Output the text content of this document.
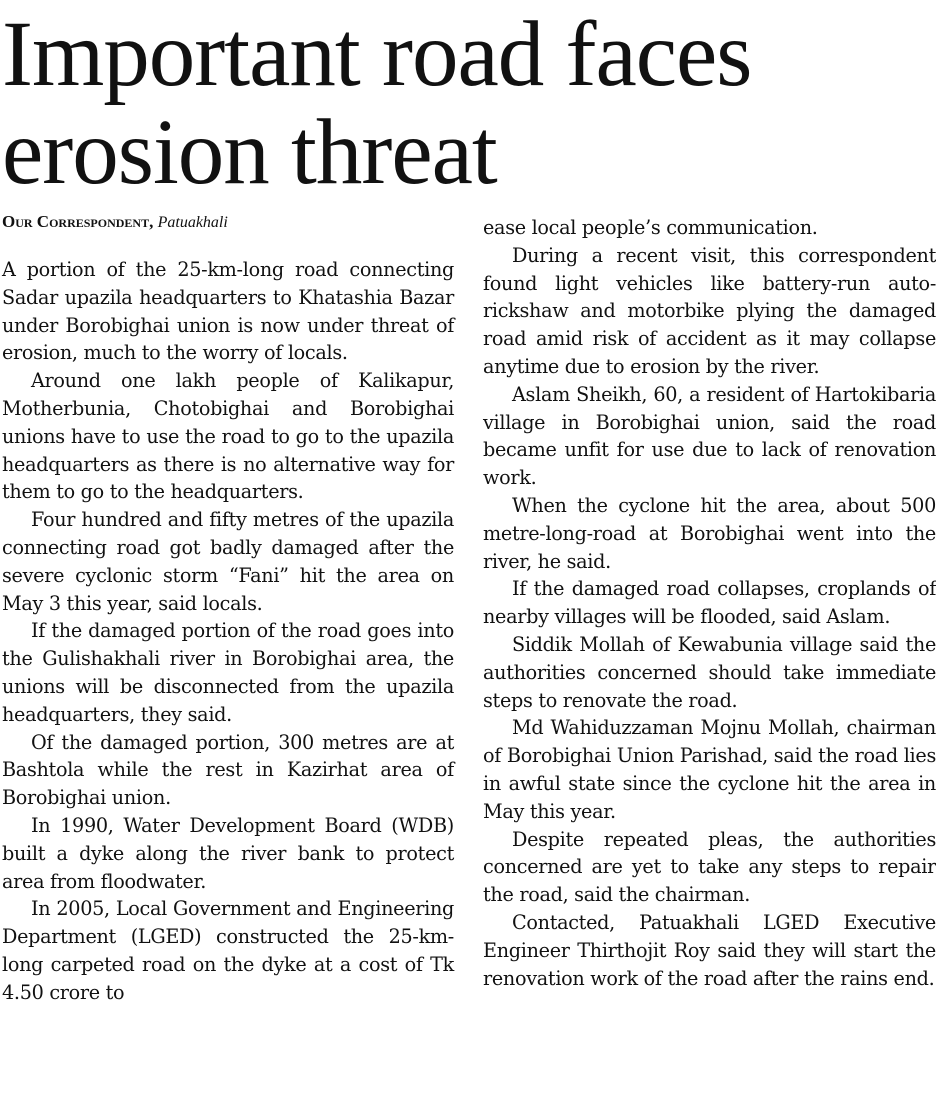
Important road faces erosion threat
Our Correspondent, Patuakhali

A portion of the 25-km-long road connecting Sadar upazila headquarters to Khatashia Bazar under Borobighai union is now under threat of erosion, much to the worry of locals.

Around one lakh people of Kalikapur, Motherbunia, Chotobighai and Borobighai unions have to use the road to go to the upazila headquarters as there is no alternative way for them to go to the headquarters.

Four hundred and fifty metres of the upazila connecting road got badly damaged after the severe cyclonic storm “Fani” hit the area on May 3 this year, said locals.

If the damaged portion of the road goes into the Gulishakhali river in Borobighai area, the unions will be disconnected from the upazila headquarters, they said.

Of the damaged portion, 300 metres are at Bashtola while the rest in Kazirhat area of Borobighai union.

In 1990, Water Development Board (WDB) built a dyke along the river bank to protect area from floodwater.

In 2005, Local Government and Engineering Department (LGED) constructed the 25-km-long carpeted road on the dyke at a cost of Tk 4.50 crore to

ease local people’s communication.

During a recent visit, this correspondent found light vehicles like battery-run auto-rickshaw and motorbike plying the damaged road amid risk of accident as it may collapse anytime due to erosion by the river.

Aslam Sheikh, 60, a resident of Hartokibaria village in Borobighai union, said the road became unfit for use due to lack of renovation work.

When the cyclone hit the area, about 500 metre-long-road at Borobighai went into the river, he said.

If the damaged road collapses, croplands of nearby villages will be flooded, said Aslam.

Siddik Mollah of Kewabunia village said the authorities concerned should take immediate steps to renovate the road.

Md Wahiduzzaman Mojnu Mollah, chairman of Borobighai Union Parishad, said the road lies in awful state since the cyclone hit the area in May this year.

Despite repeated pleas, the authorities concerned are yet to take any steps to repair the road, said the chairman.

Contacted, Patuakhali LGED Executive Engineer Thirthojit Roy said they will start the renovation work of the road after the rains end.
